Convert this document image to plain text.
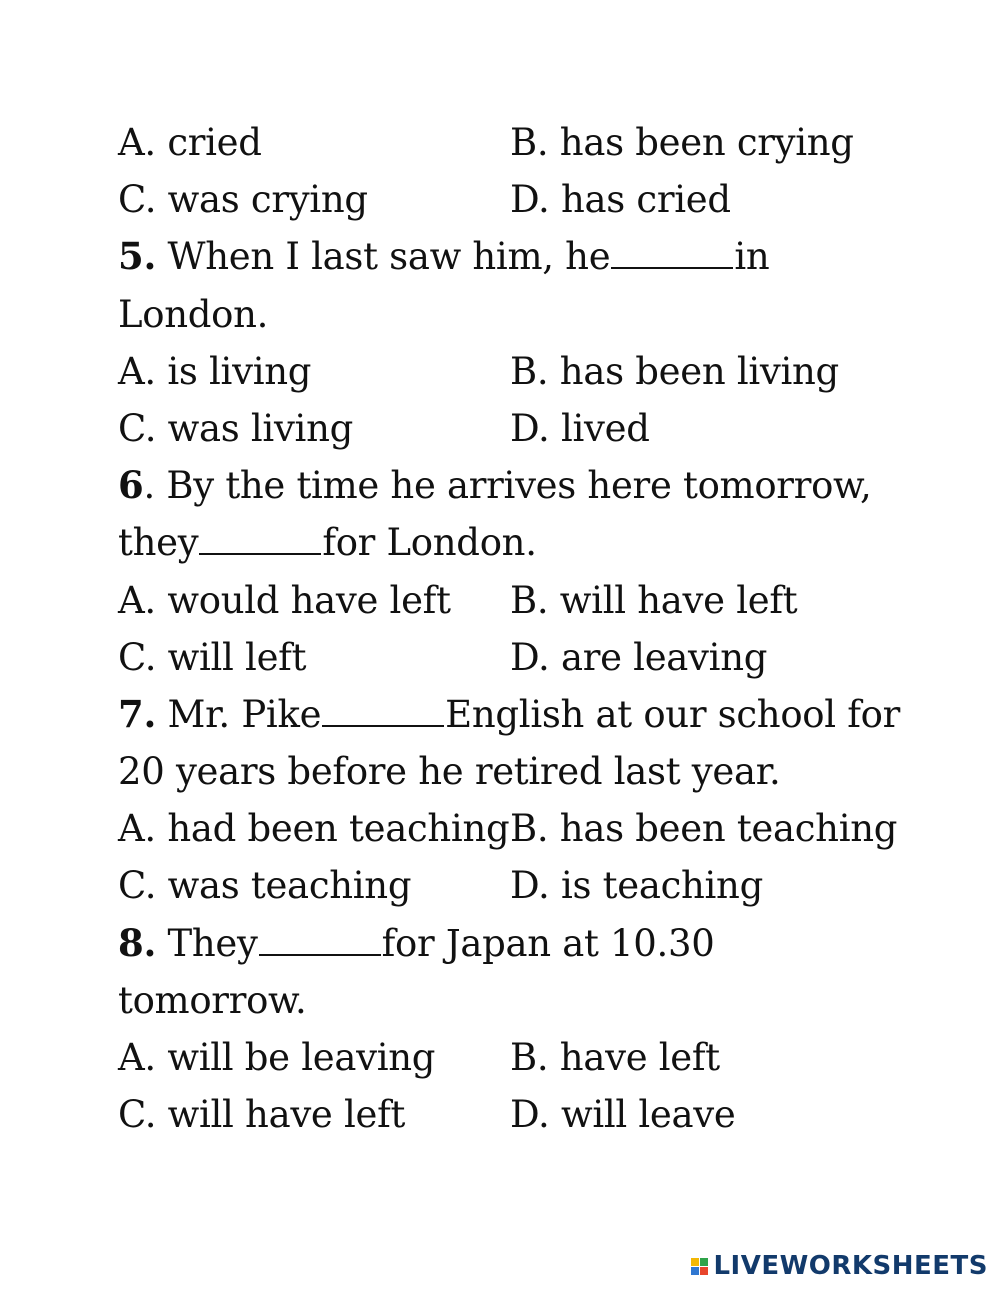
A. cried	B. has been crying
C. was crying	D. has cried
5. When I last saw him, he	in
London.
A. is living	B. has been living
C. was living	D. lived
6. By the time he arrives here tomorrow,
they	for London.
A. would have left B. will have left
C. will left	D. are leaving
7. Mr. Pike	English at our school for
20 years before he retired last year.
A. had been teaching B. has been teaching
C. was teaching	D. is teaching
8. They	for Japan at 10.30
tomorrow.
A. will be leaving B. have left
C. will have left	D. will leave
LIVEWORKSHEETS
